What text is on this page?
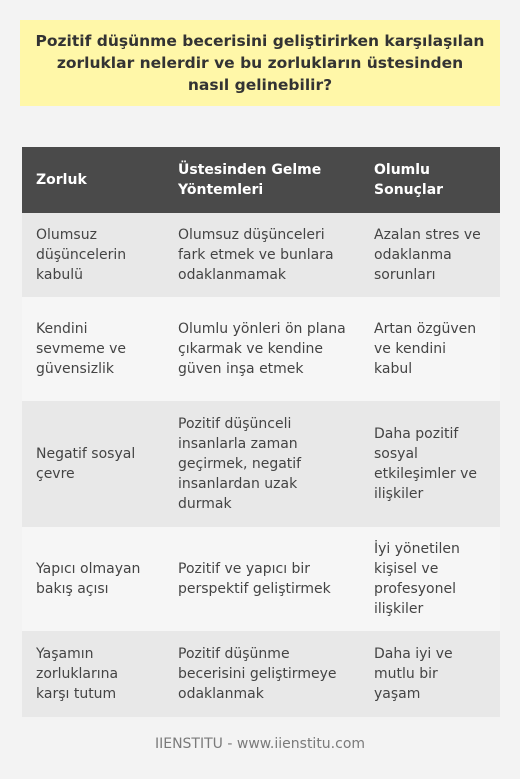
Pozitif düşünme becerisini geliştirirken karşılaşılan zorluklar nelerdir ve bu zorlukların üstesinden nasıl gelinebilir?
Zorluk	Üstesinden Gelme Yöntemleri	Olumlu Sonuçlar
Olumsuz düşüncelerin kabulü	Olumsuz düşünceleri fark etmek ve bunlara odaklanmamak	Azalan stres ve odaklanma sorunları
Kendini sevmeme ve güvensizlik	Olumlu yönleri ön plana çıkarmak ve kendine güven inşa etmek	Artan özgüven ve kendini kabul
Negatif sosyal çevre	Pozitif düşünceli insanlarla zaman geçirmek, negatif insanlardan uzak durmak	Daha pozitif sosyal etkileşimler ve ilişkiler
Yapıcı olmayan bakış açısı	Pozitif ve yapıcı bir perspektif geliştirmek	İyi yönetilen kişisel ve profesyonel ilişkiler
Yaşamın zorluklarına karşı tutum	Pozitif düşünme becerisini geliştirmeye odaklanmak	Daha iyi ve mutlu bir yaşam
IIENSTITU - www.iienstitu.com
